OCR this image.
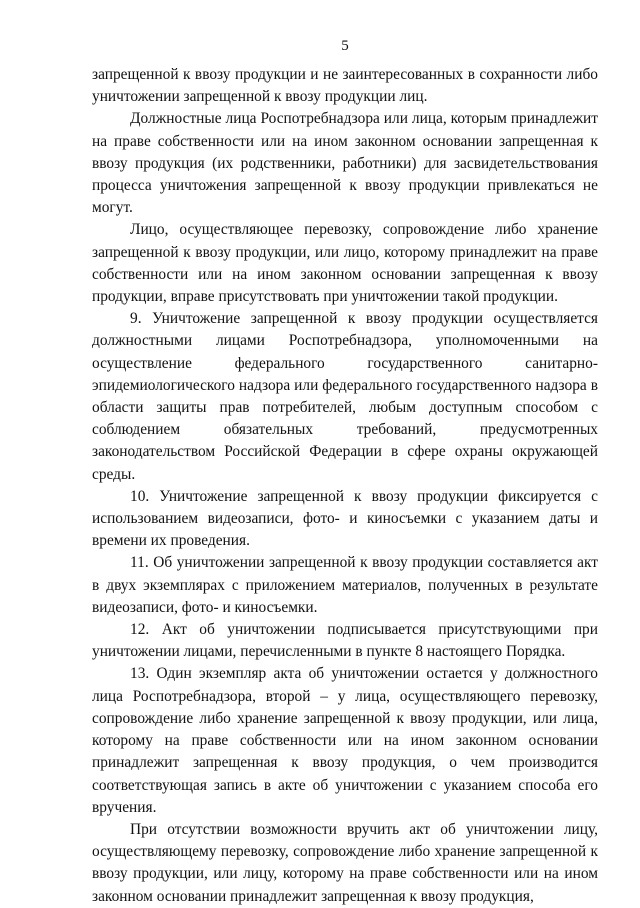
5

запрещенной к ввозу продукции и не заинтересованных в сохранности либо уничтожении запрещенной к ввозу продукции лиц.

Должностные лица Роспотребнадзора или лица, которым принадлежит на праве собственности или на ином законном основании запрещенная к ввозу продукция (их родственники, работники) для засвидетельствования процесса уничтожения запрещенной к ввозу продукции привлекаться не могут.

Лицо, осуществляющее перевозку, сопровождение либо хранение запрещенной к ввозу продукции, или лицо, которому принадлежит на праве собственности или на ином законном основании запрещенная к ввозу продукции, вправе присутствовать при уничтожении такой продукции.

9. Уничтожение запрещенной к ввозу продукции осуществляется должностными лицами Роспотребнадзора, уполномоченными на осуществление федерального государственного санитарно-эпидемиологического надзора или федерального государственного надзора в области защиты прав потребителей, любым доступным способом с соблюдением обязательных требований, предусмотренных законодательством Российской Федерации в сфере охраны окружающей среды.

10. Уничтожение запрещенной к ввозу продукции фиксируется с использованием видеозаписи, фото- и киносъемки с указанием даты и времени их проведения.

11. Об уничтожении запрещенной к ввозу продукции составляется акт в двух экземплярах с приложением материалов, полученных в результате видеозаписи, фото- и киносъемки.

12. Акт об уничтожении подписывается присутствующими при уничтожении лицами, перечисленными в пункте 8 настоящего Порядка.

13. Один экземпляр акта об уничтожении остается у должностного лица Роспотребнадзора, второй – у лица, осуществляющего перевозку, сопровождение либо хранение запрещенной к ввозу продукции, или лица, которому на праве собственности или на ином законном основании принадлежит запрещенная к ввозу продукция, о чем производится соответствующая запись в акте об уничтожении с указанием способа его вручения.

При отсутствии возможности вручить акт об уничтожении лицу, осуществляющему перевозку, сопровождение либо хранение запрещенной к ввозу продукции, или лицу, которому на праве собственности или на ином законном основании принадлежит запрещенная к ввозу продукция,
